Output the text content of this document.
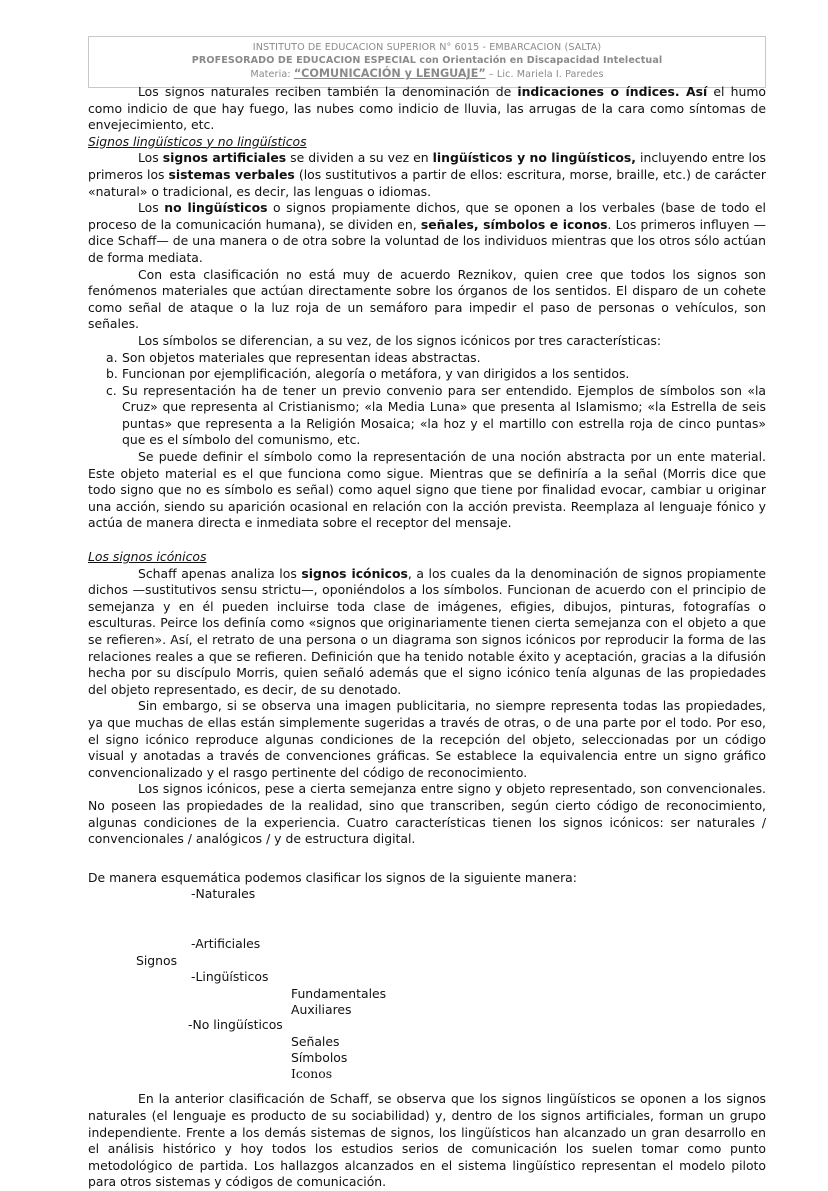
INSTITUTO DE EDUCACION SUPERIOR N° 6015 - EMBARCACION (SALTA)
PROFESORADO DE EDUCACION ESPECIAL con Orientación en Discapacidad Intelectual
Materia: “COMUNICACIÓN y LENGUAJE” – Lic. Mariela I. Paredes

Los signos naturales reciben también la denominación de indicaciones o índices. Así el humo como indicio de que hay fuego, las nubes como indicio de lluvia, las arrugas de la cara como síntomas de envejecimiento, etc.

Signos lingüísticos y no lingüísticos

Los signos artificiales se dividen a su vez en lingüísticos y no lingüísticos, incluyendo entre los primeros los sistemas verbales (los sustitutivos a partir de ellos: escritura, morse, braille, etc.) de carácter «natural» o tradicional, es decir, las lenguas o idiomas.

Los no lingüísticos o signos propiamente dichos, que se oponen a los verbales (base de todo el proceso de la comunicación humana), se dividen en, señales, símbolos e iconos. Los primeros influyen —dice Schaff— de una manera o de otra sobre la voluntad de los individuos mientras que los otros sólo actúan de forma mediata.

Con esta clasificación no está muy de acuerdo Reznikov, quien cree que todos los signos son fenómenos materiales que actúan directamente sobre los órganos de los sentidos. El disparo de un cohete como señal de ataque o la luz roja de un semáforo para impedir el paso de personas o vehículos, son señales.

Los símbolos se diferencian, a su vez, de los signos icónicos por tres características:

a. Son objetos materiales que representan ideas abstractas.
b. Funcionan por ejemplificación, alegoría o metáfora, y van dirigidos a los sentidos.
c. Su representación ha de tener un previo convenio para ser entendido. Ejemplos de símbolos son «la Cruz» que representa al Cristianismo; «la Media Luna» que presenta al Islamismo; «la Estrella de seis puntas» que representa a la Religión Mosaica; «la hoz y el martillo con estrella roja de cinco puntas» que es el símbolo del comunismo, etc.

Se puede definir el símbolo como la representación de una noción abstracta por un ente material. Este objeto material es el que funciona como sigue. Mientras que se definiría a la señal (Morris dice que todo signo que no es símbolo es señal) como aquel signo que tiene por finalidad evocar, cambiar u originar una acción, siendo su aparición ocasional en relación con la acción prevista. Reemplaza al lenguaje fónico y actúa de manera directa e inmediata sobre el receptor del mensaje.

Los signos icónicos

Schaff apenas analiza los signos icónicos, a los cuales da la denominación de signos propiamente dichos —sustitutivos sensu strictu—, oponiéndolos a los símbolos. Funcionan de acuerdo con el principio de semejanza y en él pueden incluirse toda clase de imágenes, efigies, dibujos, pinturas, fotografías o esculturas. Peirce los definía como «signos que originariamente tienen cierta semejanza con el objeto a que se refieren». Así, el retrato de una persona o un diagrama son signos icónicos por reproducir la forma de las relaciones reales a que se refieren. Definición que ha tenido notable éxito y aceptación, gracias a la difusión hecha por su discípulo Morris, quien señaló además que el signo icónico tenía algunas de las propiedades del objeto representado, es decir, de su denotado.

Sin embargo, si se observa una imagen publicitaria, no siempre representa todas las propiedades, ya que muchas de ellas están simplemente sugeridas a través de otras, o de una parte por el todo. Por eso, el signo icónico reproduce algunas condiciones de la recepción del objeto, seleccionadas por un código visual y anotadas a través de convenciones gráficas. Se establece la equivalencia entre un signo gráfico convencionalizado y el rasgo pertinente del código de reconocimiento.

Los signos icónicos, pese a cierta semejanza entre signo y objeto representado, son convencionales. No poseen las propiedades de la realidad, sino que transcriben, según cierto código de reconocimiento, algunas condiciones de la experiencia. Cuatro características tienen los signos icónicos: ser naturales / convencionales / analógicos / y de estructura digital.

De manera esquemática podemos clasificar los signos de la siguiente manera:

Signos
-Naturales
-Artificiales
-Lingüísticos
-No lingüísticos
Fundamentales
Auxiliares
Señales
Símbolos
Iconos

En la anterior clasificación de Schaff, se observa que los signos lingüísticos se oponen a los signos naturales (el lenguaje es producto de su sociabilidad) y, dentro de los signos artificiales, forman un grupo independiente. Frente a los demás sistemas de signos, los lingüísticos han alcanzado un gran desarrollo en el análisis histórico y hoy todos los estudios serios de comunicación los suelen tomar como punto metodológico de partida. Los hallazgos alcanzados en el sistema lingüístico representan el modelo piloto para otros sistemas y códigos de comunicación.
